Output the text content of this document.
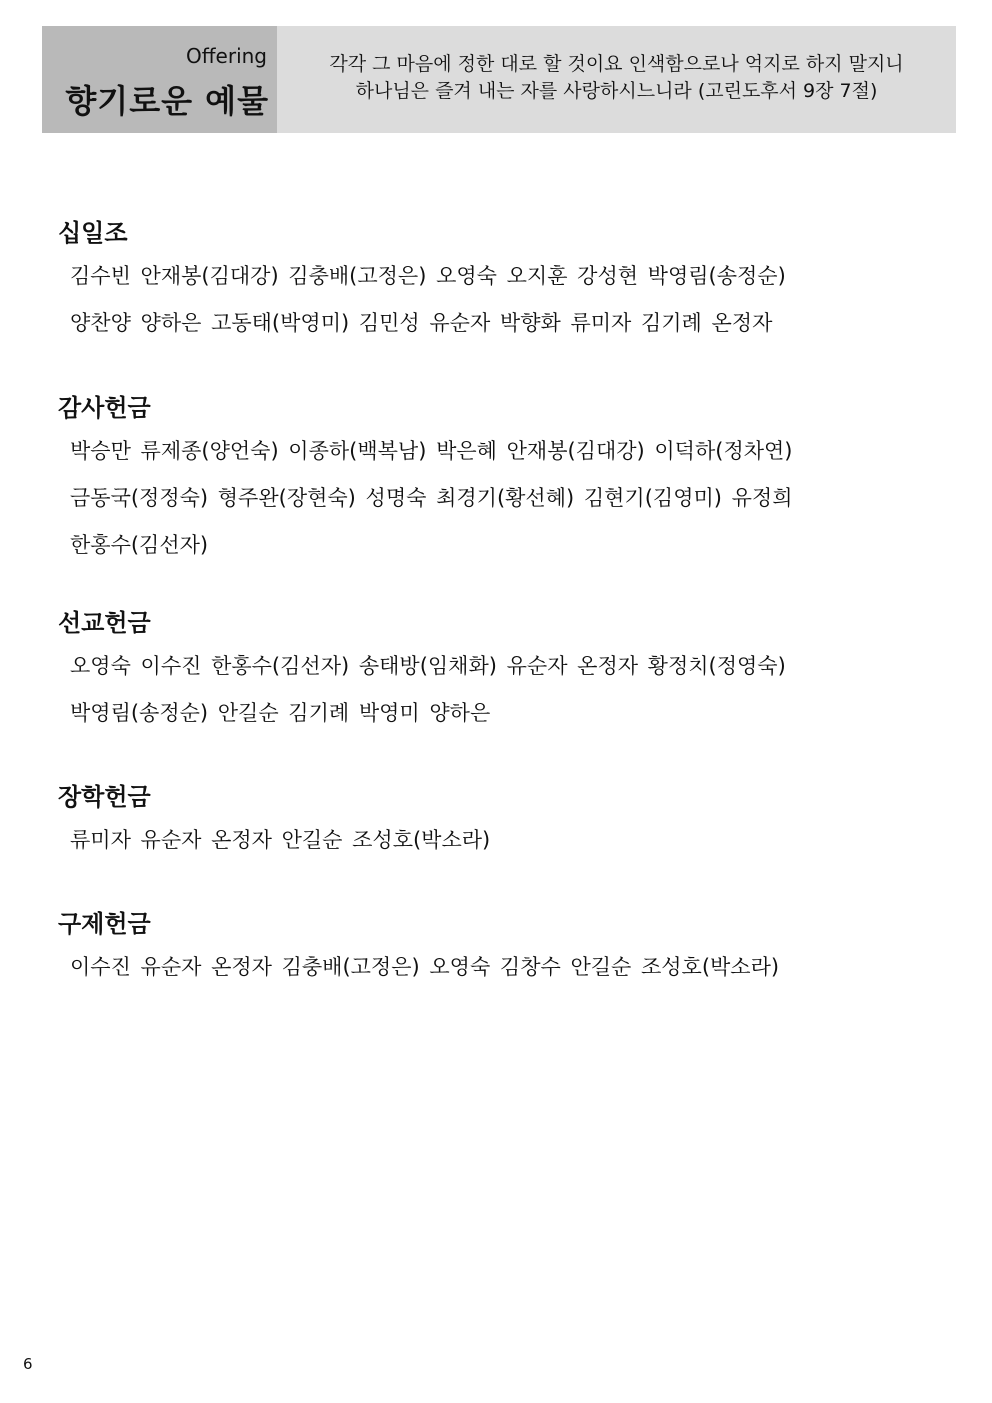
Offering
향기로운 예물
각각 그 마음에 정한 대로 할 것이요 인색함으로나 억지로 하지 말지니
하나님은 즐겨 내는 자를 사랑하시느니라 (고린도후서 9장 7절)
십일조
김수빈 안재봉(김대강) 김충배(고정은) 오영숙 오지훈 강성현 박영림(송정순)
양찬양 양하은 고동태(박영미) 김민성 유순자 박향화 류미자 김기례 온정자
감사헌금
박승만 류제종(양언숙) 이종하(백복남) 박은혜 안재봉(김대강) 이덕하(정차연)
금동국(정정숙) 형주완(장현숙) 성명숙 최경기(황선혜) 김현기(김영미) 유정희
한홍수(김선자)
선교헌금
오영숙 이수진 한홍수(김선자) 송태방(임채화) 유순자 온정자 황정치(정영숙)
박영림(송정순) 안길순 김기례 박영미 양하은
장학헌금
류미자 유순자 온정자 안길순 조성호(박소라)
구제헌금
이수진 유순자 온정자 김충배(고정은) 오영숙 김창수 안길순 조성호(박소라)
6
